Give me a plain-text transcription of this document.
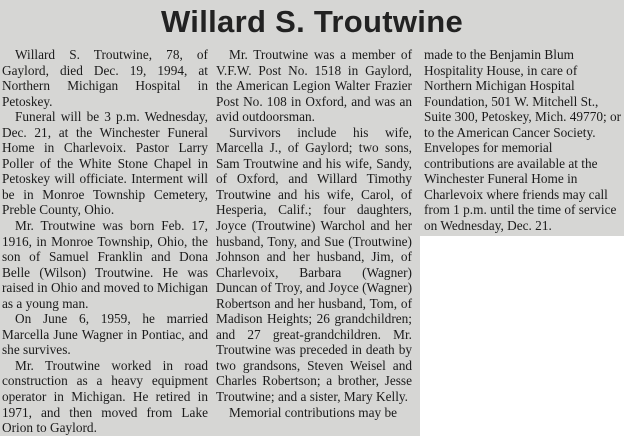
Willard S. Troutwine

Willard S. Troutwine, 78, of Gaylord, died Dec. 19, 1994, at Northern Michigan Hospital in Petoskey.

Funeral will be 3 p.m. Wednesday, Dec. 21, at the Winchester Funeral Home in Charlevoix. Pastor Larry Poller of the White Stone Chapel in Petoskey will officiate. Interment will be in Monroe Township Cemetery, Preble County, Ohio.

Mr. Troutwine was born Feb. 17, 1916, in Monroe Township, Ohio, the son of Samuel Franklin and Dona Belle (Wilson) Troutwine. He was raised in Ohio and moved to Michigan as a young man.

On June 6, 1959, he married Marcella June Wagner in Pontiac, and she survives.

Mr. Troutwine worked in road construction as a heavy equipment operator in Michigan. He retired in 1971, and then moved from Lake Orion to Gaylord.

Mr. Troutwine was a member of V.F.W. Post No. 1518 in Gaylord, the American Legion Walter Frazier Post No. 108 in Oxford, and was an avid outdoorsman.

Survivors include his wife, Marcella J., of Gaylord; two sons, Sam Troutwine and his wife, Sandy, of Oxford, and Willard Timothy Troutwine and his wife, Carol, of Hesperia, Calif.; four daughters, Joyce (Troutwine) Warchol and her husband, Tony, and Sue (Troutwine) Johnson and her husband, Jim, of Charlevoix, Barbara (Wagner) Duncan of Troy, and Joyce (Wagner) Robertson and her husband, Tom, of Madison Heights; 26 grandchildren; and 27 great-grandchildren. Mr. Troutwine was preceded in death by two grandsons, Steven Weisel and Charles Robertson; a brother, Jesse Troutwine; and a sister, Mary Kelly.

Memorial contributions may be

made to the Benjamin Blum Hospitality House, in care of Northern Michigan Hospital Foundation, 501 W. Mitchell St., Suite 300, Petoskey, Mich. 49770; or to the American Cancer Society. Envelopes for memorial contributions are available at the Winchester Funeral Home in Charlevoix where friends may call from 1 p.m. until the time of service on Wednesday, Dec. 21.
